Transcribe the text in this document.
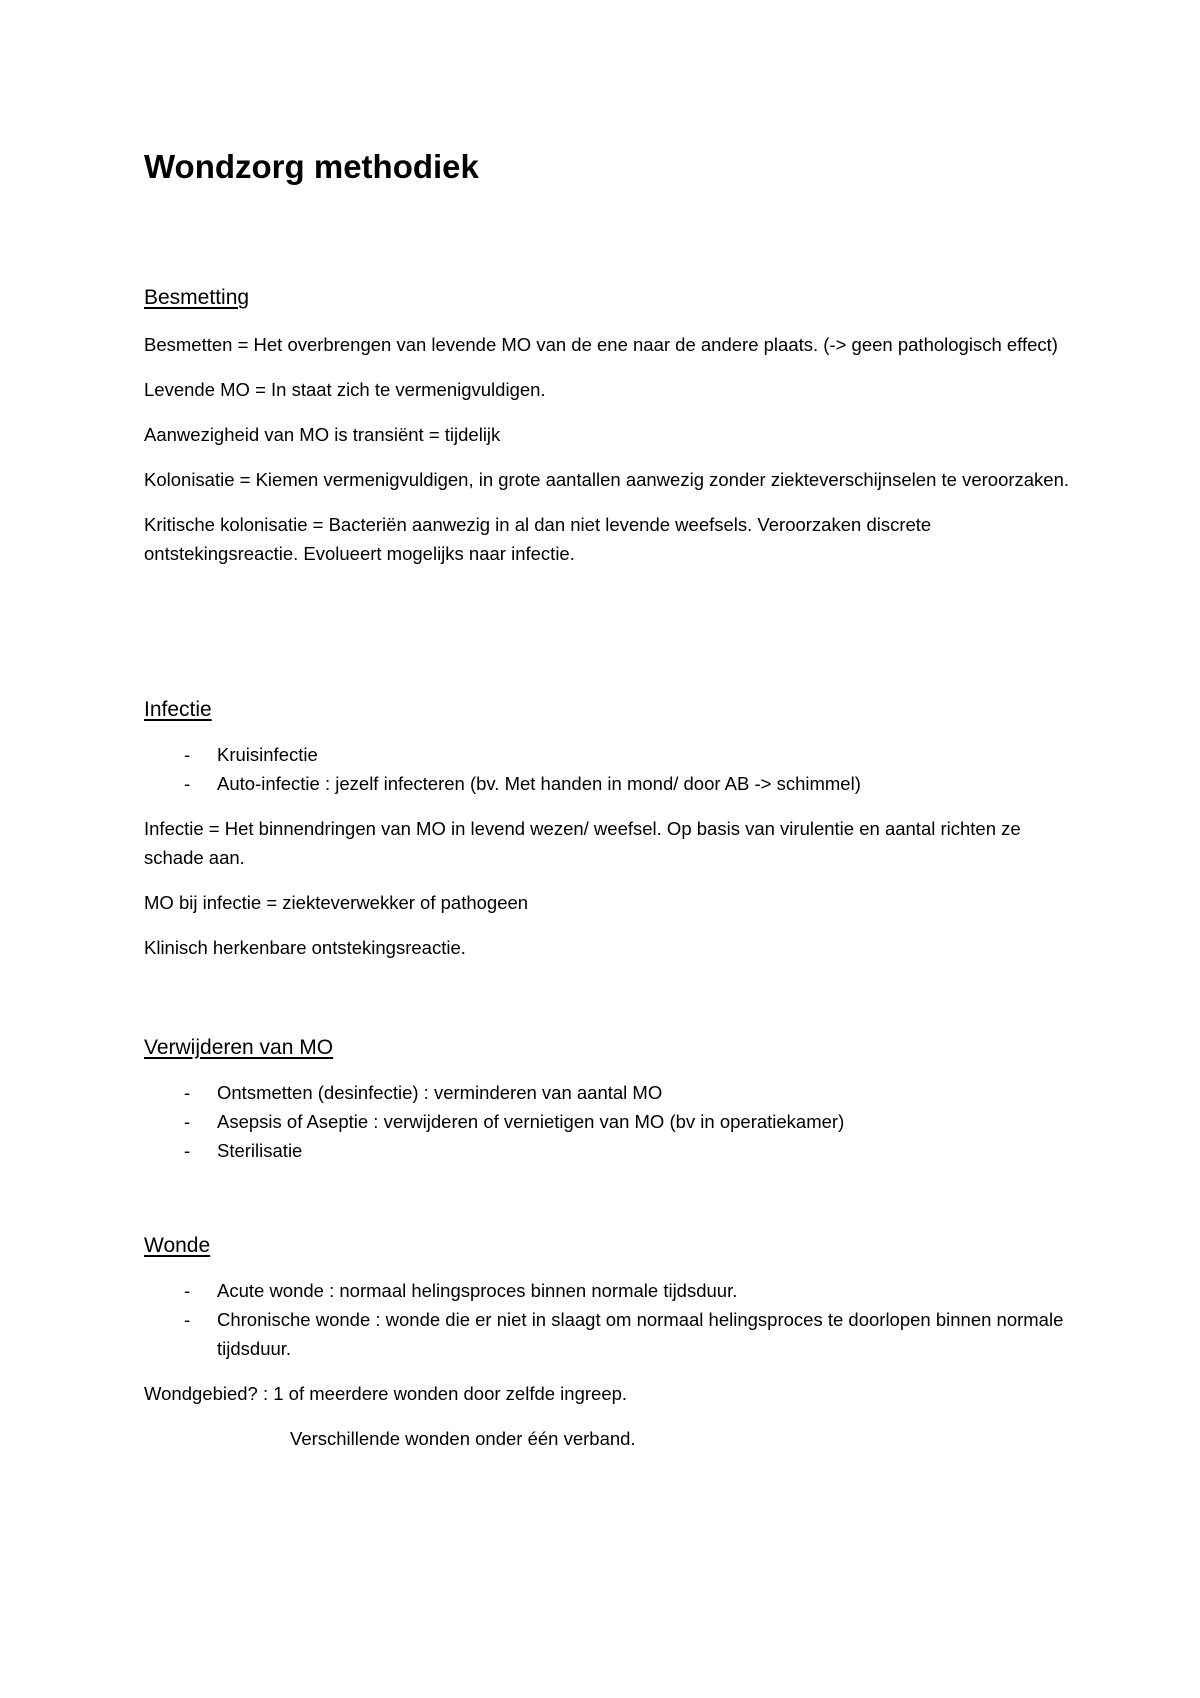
Wondzorg methodiek
Besmetting

Besmetten = Het overbrengen van levende MO van de ene naar de andere plaats. (-> geen pathologisch effect)

Levende MO = In staat zich te vermenigvuldigen.

Aanwezigheid van MO is transiënt = tijdelijk

Kolonisatie = Kiemen vermenigvuldigen, in grote aantallen aanwezig zonder ziekteverschijnselen te veroorzaken.

Kritische kolonisatie = Bacteriën aanwezig in al dan niet levende weefsels. Veroorzaken discrete ontstekingsreactie. Evolueert mogelijks naar infectie.

Infectie
- Kruisinfectie
- Auto-infectie : jezelf infecteren (bv. Met handen in mond/ door AB -> schimmel)

Infectie = Het binnendringen van MO in levend wezen/ weefsel. Op basis van virulentie en aantal richten ze schade aan.

MO bij infectie = ziekteverwekker of pathogeen

Klinisch herkenbare ontstekingsreactie.

Verwijderen van MO
- Ontsmetten (desinfectie) : verminderen van aantal MO
- Asepsis of Aseptie : verwijderen of vernietigen van MO (bv in operatiekamer)
- Sterilisatie
Wonde
- Acute wonde : normaal helingsproces binnen normale tijdsduur.
- Chronische wonde : wonde die er niet in slaagt om normaal helingsproces te doorlopen binnen normale tijdsduur.

Wondgebied? : 1 of meerdere wonden door zelfde ingreep.

Verschillende wonden onder één verband.
